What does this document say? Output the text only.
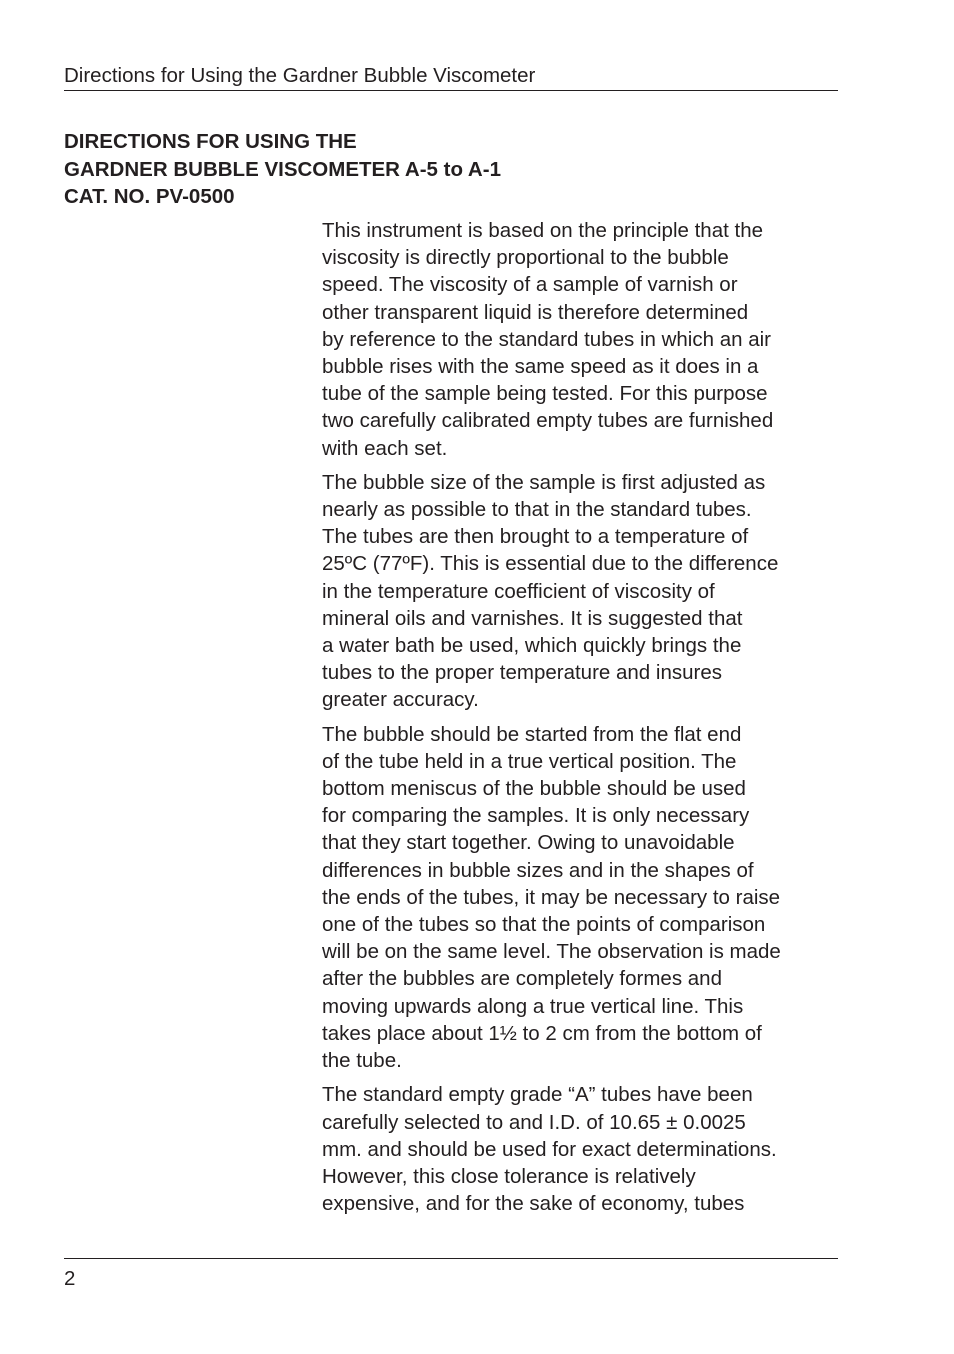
Directions for Using the Gardner Bubble Viscometer
DIRECTIONS FOR USING THE
GARDNER BUBBLE VISCOMETER A-5 to A-1
CAT. NO. PV-0500

This instrument is based on the principle that the
viscosity is directly proportional to the bubble
speed. The viscosity of a sample of varnish or
other transparent liquid is therefore determined
by reference to the standard tubes in which an air
bubble rises with the same speed as it does in a
tube of the sample being tested. For this purpose
two carefully calibrated empty tubes are furnished
with each set.

The bubble size of the sample is first adjusted as
nearly as possible to that in the standard tubes.
The tubes are then brought to a temperature of
25ºC (77ºF). This is essential due to the difference
in the temperature coefficient of viscosity of
mineral oils and varnishes. It is suggested that
a water bath be used, which quickly brings the
tubes to the proper temperature and insures
greater accuracy.

The bubble should be started from the flat end
of the tube held in a true vertical position. The
bottom meniscus of the bubble should be used
for comparing the samples. It is only necessary
that they start together. Owing to unavoidable
differences in bubble sizes and in the shapes of
the ends of the tubes, it may be necessary to raise
one of the tubes so that the points of comparison
will be on the same level. The observation is made
after the bubbles are completely formes and
moving upwards along a true vertical line. This
takes place about 1½ to 2 cm from the bottom of
the tube.

The standard empty grade “A” tubes have been
carefully selected to and I.D. of 10.65 ± 0.0025
mm. and should be used for exact determinations.
However, this close tolerance is relatively
expensive, and for the sake of economy, tubes

2
